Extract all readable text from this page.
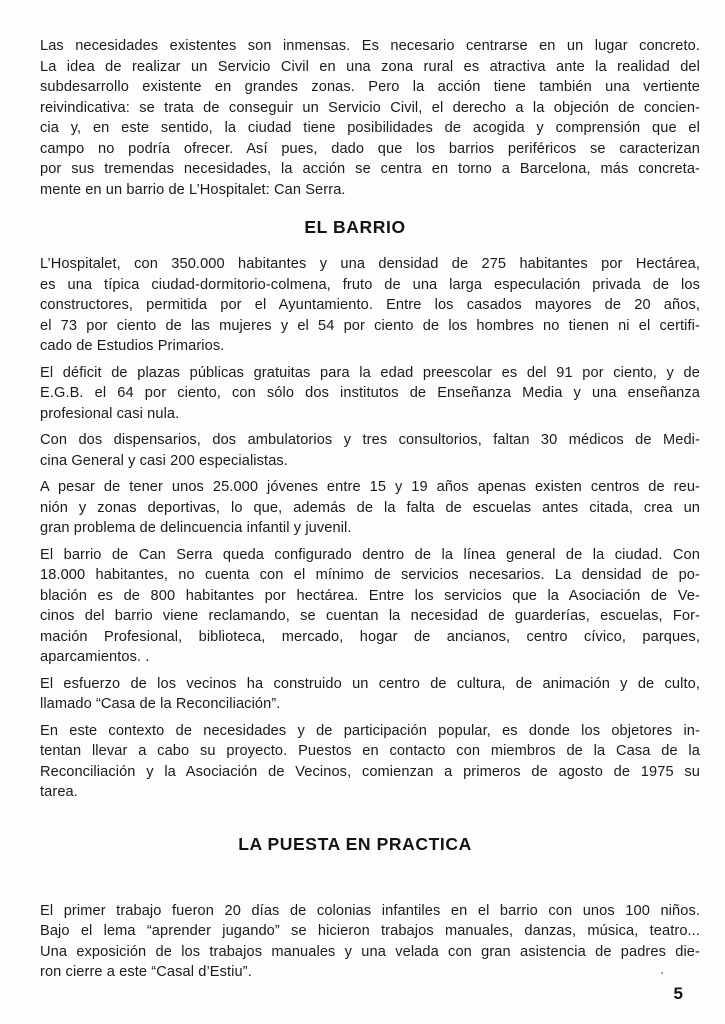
Las necesidades existentes son inmensas. Es necesario centrarse en un lugar concreto.
La idea de realizar un Servicio Civil en una zona rural es atractiva ante la realidad del
subdesarrollo existente en grandes zonas. Pero la acción tiene también una vertiente
reivindicativa: se trata de conseguir un Servicio Civil, el derecho a la objeción de concien-
cia y, en este sentido, la ciudad tiene posibilidades de acogida y comprensión que el
campo no podría ofrecer. Así pues, dado que los barrios periféricos se caracterizan
por sus tremendas necesidades, la acción se centra en torno a Barcelona, más concreta-
mente en un barrio de L’Hospitalet: Can Serra.
EL BARRIO
L’Hospitalet, con 350.000 habitantes y una densidad de 275 habitantes por Hectárea,
es una típica ciudad-dormitorio-colmena, fruto de una larga especulación privada de los
constructores, permitida por el Ayuntamiento. Entre los casados mayores de 20 años,
el 73 por ciento de las mujeres y el 54 por ciento de los hombres no tienen ni el certifi-
cado de Estudios Primarios.
El déficit de plazas públicas gratuitas para la edad preescolar es del 91 por ciento, y de
E.G.B. el 64 por ciento, con sólo dos institutos de Enseñanza Media y una enseñanza
profesional casi nula.
Con dos dispensarios, dos ambulatorios y tres consultorios, faltan 30 médicos de Medi-
cina General y casi 200 especialistas.
A pesar de tener unos 25.000 jóvenes entre 15 y 19 años apenas existen centros de reu-
nión y zonas deportivas, lo que, además de la falta de escuelas antes citada, crea un
gran problema de delincuencia infantil y juvenil.
El barrio de Can Serra queda configurado dentro de la línea general de la ciudad. Con
18.000 habitantes, no cuenta con el mínimo de servicios necesarios. La densidad de po-
blación es de 800 habitantes por hectárea. Entre los servicios que la Asociación de Ve-
cinos del barrio viene reclamando, se cuentan la necesidad de guarderías, escuelas, For-
mación Profesional, biblioteca, mercado, hogar de ancianos, centro cívico, parques,
aparcamientos. .
El esfuerzo de los vecinos ha construido un centro de cultura, de animación y de culto,
llamado “Casa de la Reconciliación”.
En este contexto de necesidades y de participación popular, es donde los objetores in-
tentan llevar a cabo su proyecto. Puestos en contacto con miembros de la Casa de la
Reconciliación y la Asociación de Vecinos, comienzan a primeros de agosto de 1975 su
tarea.
LA PUESTA EN PRACTICA
El primer trabajo fueron 20 días de colonias infantiles en el barrio con unos 100 niños.
Bajo el lema “aprender jugando” se hicieron trabajos manuales, danzas, música, teatro...
Una exposición de los trabajos manuales y una velada con gran asistencia de padres die-
ron cierre a este “Casal d’Estiu”.
5
